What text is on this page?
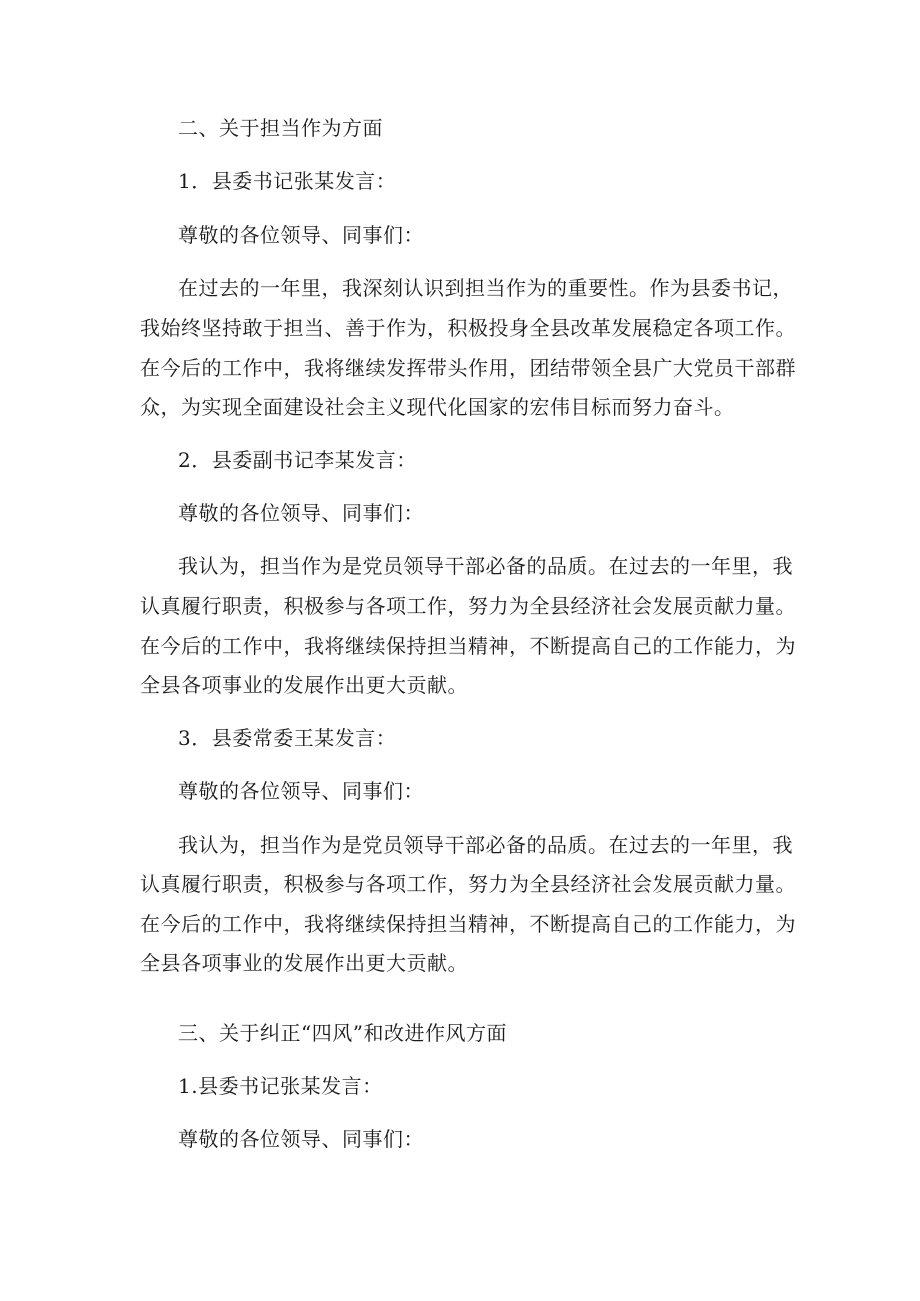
二、关于担当作为方面
1．县委书记张某发言：
尊敬的各位领导、同事们：
在过去的一年里，我深刻认识到担当作为的重要性。作为县委书记，
我始终坚持敢于担当、善于作为，积极投身全县改革发展稳定各项工作。
在今后的工作中，我将继续发挥带头作用，团结带领全县广大党员干部群
众，为实现全面建设社会主义现代化国家的宏伟目标而努力奋斗。
2．县委副书记李某发言：
尊敬的各位领导、同事们：
我认为，担当作为是党员领导干部必备的品质。在过去的一年里，我
认真履行职责，积极参与各项工作，努力为全县经济社会发展贡献力量。
在今后的工作中，我将继续保持担当精神，不断提高自己的工作能力，为
全县各项事业的发展作出更大贡献。
3．县委常委王某发言：
尊敬的各位领导、同事们：
我认为，担当作为是党员领导干部必备的品质。在过去的一年里，我
认真履行职责，积极参与各项工作，努力为全县经济社会发展贡献力量。
在今后的工作中，我将继续保持担当精神，不断提高自己的工作能力，为
全县各项事业的发展作出更大贡献。
三、关于纠正“四风”和改进作风方面
1.县委书记张某发言：
尊敬的各位领导、同事们：
